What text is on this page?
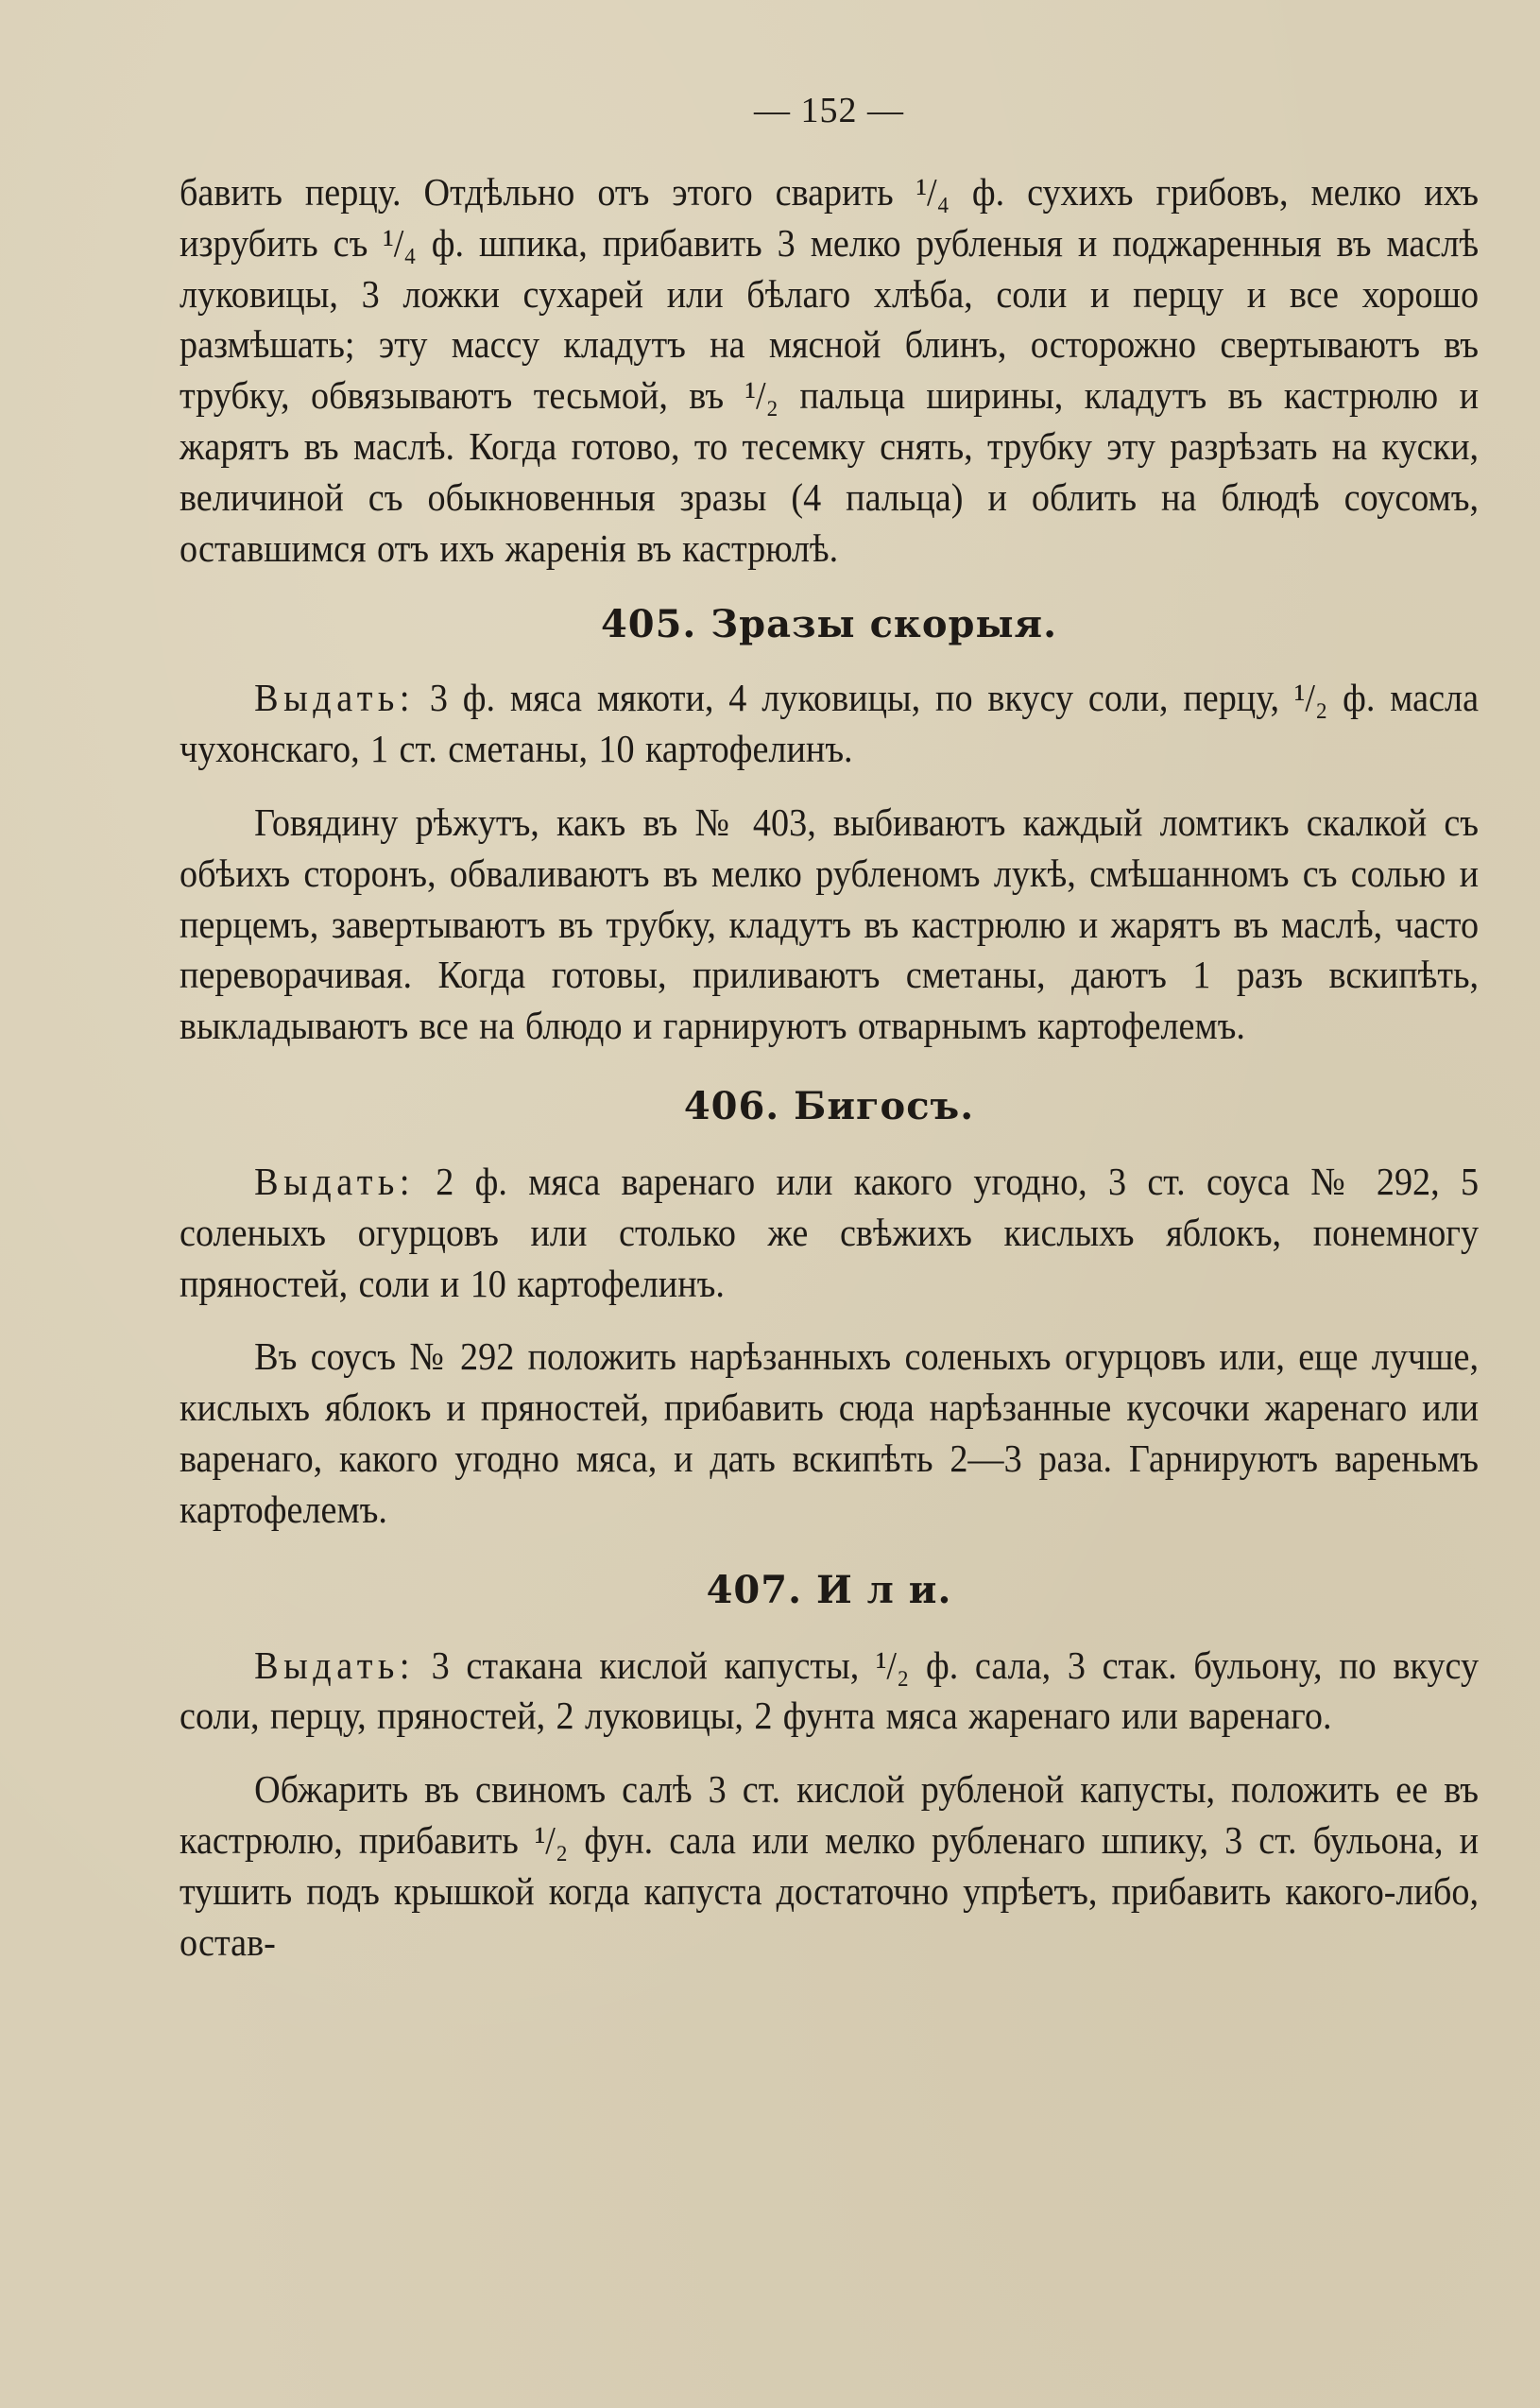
— 152 —

бавить перцу. Отдѣльно отъ этого сварить ¹/₄ ф. сухихъ грибовъ, мелко ихъ изрубить съ ¹/₄ ф. шпика, прибавить 3 мелко рубленыя и поджаренныя въ маслѣ луковицы, 3 ложки сухарей или бѣлаго хлѣба, соли и перцу и все хорошо размѣшать; эту массу кладутъ на мясной блинъ, осторожно свертываютъ въ трубку, обвязываютъ тесьмой, въ ¹/₂ пальца ширины, кладутъ въ кастрюлю и жарятъ въ маслѣ. Когда готово, то тесемку снять, трубку эту разрѣзать на куски, величиной съ обыкновенныя зразы (4 пальца) и облить на блюдѣ соусомъ, оставшимся отъ ихъ жаренія въ кастрюлѣ.

405. Зразы скорыя.

Выдать: 3 ф. мяса мякоти, 4 луковицы, по вкусу соли, перцу, ¹/₂ ф. масла чухонскаго, 1 ст. сметаны, 10 картофелинъ.

Говядину рѣжутъ, какъ въ № 403, выбиваютъ каждый ломтикъ скалкой съ обѣихъ сторонъ, обваливаютъ въ мелко рубленомъ лукѣ, смѣшанномъ съ солью и перцемъ, завертываютъ въ трубку, кладутъ въ кастрюлю и жарятъ въ маслѣ, часто переворачивая. Когда готовы, приливаютъ сметаны, даютъ 1 разъ вскипѣть, выкладываютъ все на блюдо и гарнируютъ отварнымъ картофелемъ.

406. Бигосъ.

Выдать: 2 ф. мяса варенаго или какого угодно, 3 ст. соуса № 292, 5 соленыхъ огурцовъ или столько же свѣжихъ кислыхъ яблокъ, понемногу пряностей, соли и 10 картофелинъ.

Въ соусъ № 292 положить нарѣзанныхъ соленыхъ огурцовъ или, еще лучше, кислыхъ яблокъ и пряностей, прибавить сюда нарѣзанные кусочки жаренаго или варенаго, какого угодно мяса, и дать вскипѣть 2—3 раза. Гарнируютъ вареньмъ картофелемъ.

407. И л и.

Выдать: 3 стакана кислой капусты, ¹/₂ ф. сала, 3 стак. бульону, по вкусу соли, перцу, пряностей, 2 луковицы, 2 фунта мяса жаренаго или варенаго.

Обжарить въ свиномъ салѣ 3 ст. кислой рубленой капусты, положить ее въ кастрюлю, прибавить ¹/₂ фун. сала или мелко рубленаго шпику, 3 ст. бульона, и тушить подъ крышкой когда капуста достаточно упрѣетъ, прибавить какого-либо, остав-
